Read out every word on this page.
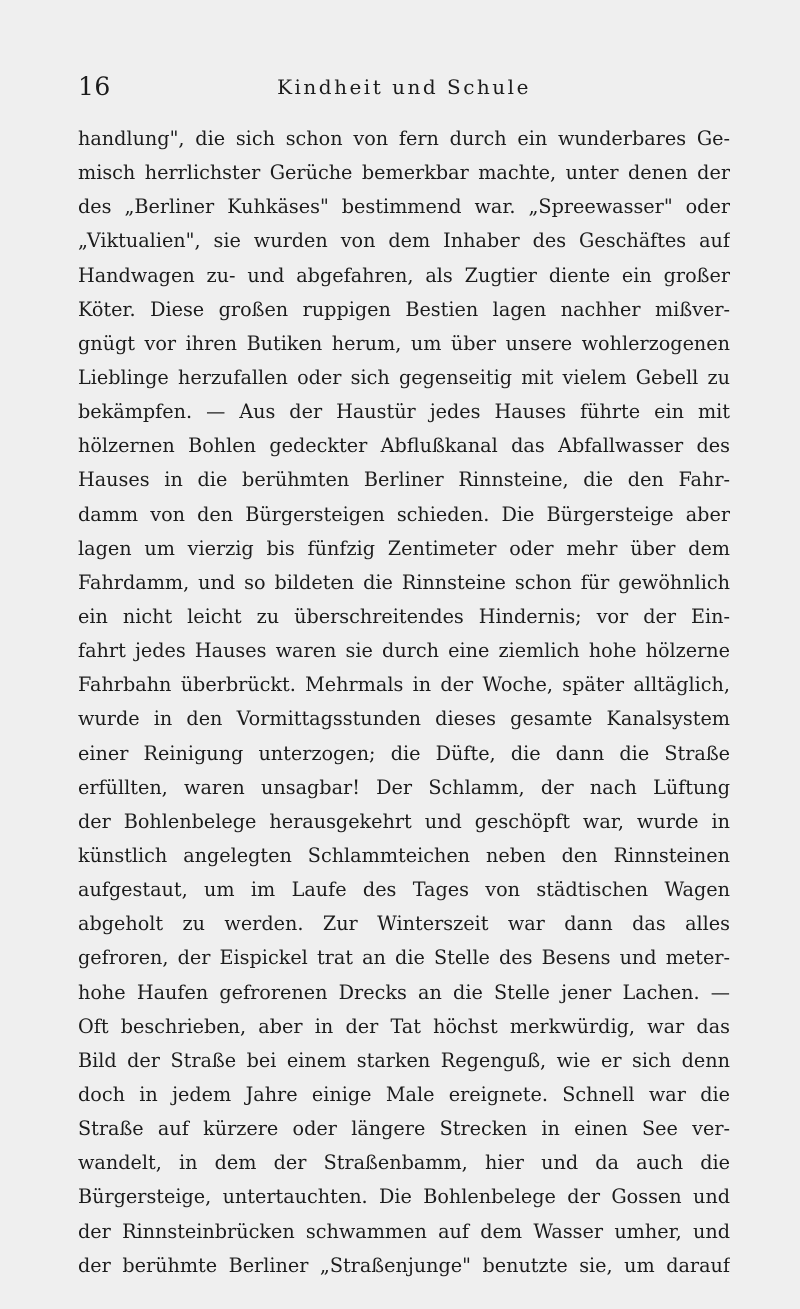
16	Kindheit und Schule
handlung", die sich schon von fern durch ein wunderbares Ge-
misch herrlichster Gerüche bemerkbar machte, unter denen der
des „Berliner Kuhkäses" bestimmend war. „Spreewasser" oder
„Viktualien", sie wurden von dem Inhaber des Geschäftes auf
Handwagen zu- und abgefahren, als Zugtier diente ein großer
Köter. Diese großen ruppigen Bestien lagen nachher mißver-
gnügt vor ihren Butiken herum, um über unsere wohlerzogenen
Lieblinge herzufallen oder sich gegenseitig mit vielem Gebell zu
bekämpfen. — Aus der Haustür jedes Hauses führte ein mit
hölzernen Bohlen gedeckter Abflußkanal das Abfallwasser des
Hauses in die berühmten Berliner Rinnsteine, die den Fahr-
damm von den Bürgersteigen schieden. Die Bürgersteige aber
lagen um vierzig bis fünfzig Zentimeter oder mehr über dem
Fahrdamm, und so bildeten die Rinnsteine schon für gewöhnlich
ein nicht leicht zu überschreitendes Hindernis; vor der Ein-
fahrt jedes Hauses waren sie durch eine ziemlich hohe hölzerne
Fahrbahn überbrückt. Mehrmals in der Woche, später alltäglich,
wurde in den Vormittagsstunden dieses gesamte Kanalsystem
einer Reinigung unterzogen; die Düfte, die dann die Straße
erfüllten, waren unsagbar! Der Schlamm, der nach Lüftung
der Bohlenbelege herausgekehrt und geschöpft war, wurde in
künstlich angelegten Schlammteichen neben den Rinnsteinen
aufgestaut, um im Laufe des Tages von städtischen Wagen
abgeholt zu werden. Zur Winterszeit war dann das alles
gefroren, der Eispickel trat an die Stelle des Besens und meter-
hohe Haufen gefrorenen Drecks an die Stelle jener Lachen. —
Oft beschrieben, aber in der Tat höchst merkwürdig, war das
Bild der Straße bei einem starken Regenguß, wie er sich denn
doch in jedem Jahre einige Male ereignete. Schnell war die
Straße auf kürzere oder längere Strecken in einen See ver-
wandelt, in dem der Straßenbamm, hier und da auch die
Bürgersteige, untertauchten. Die Bohlenbelege der Gossen und
der Rinnsteinbrücken schwammen auf dem Wasser umher, und
der berühmte Berliner „Straßenjunge" benutzte sie, um darauf
